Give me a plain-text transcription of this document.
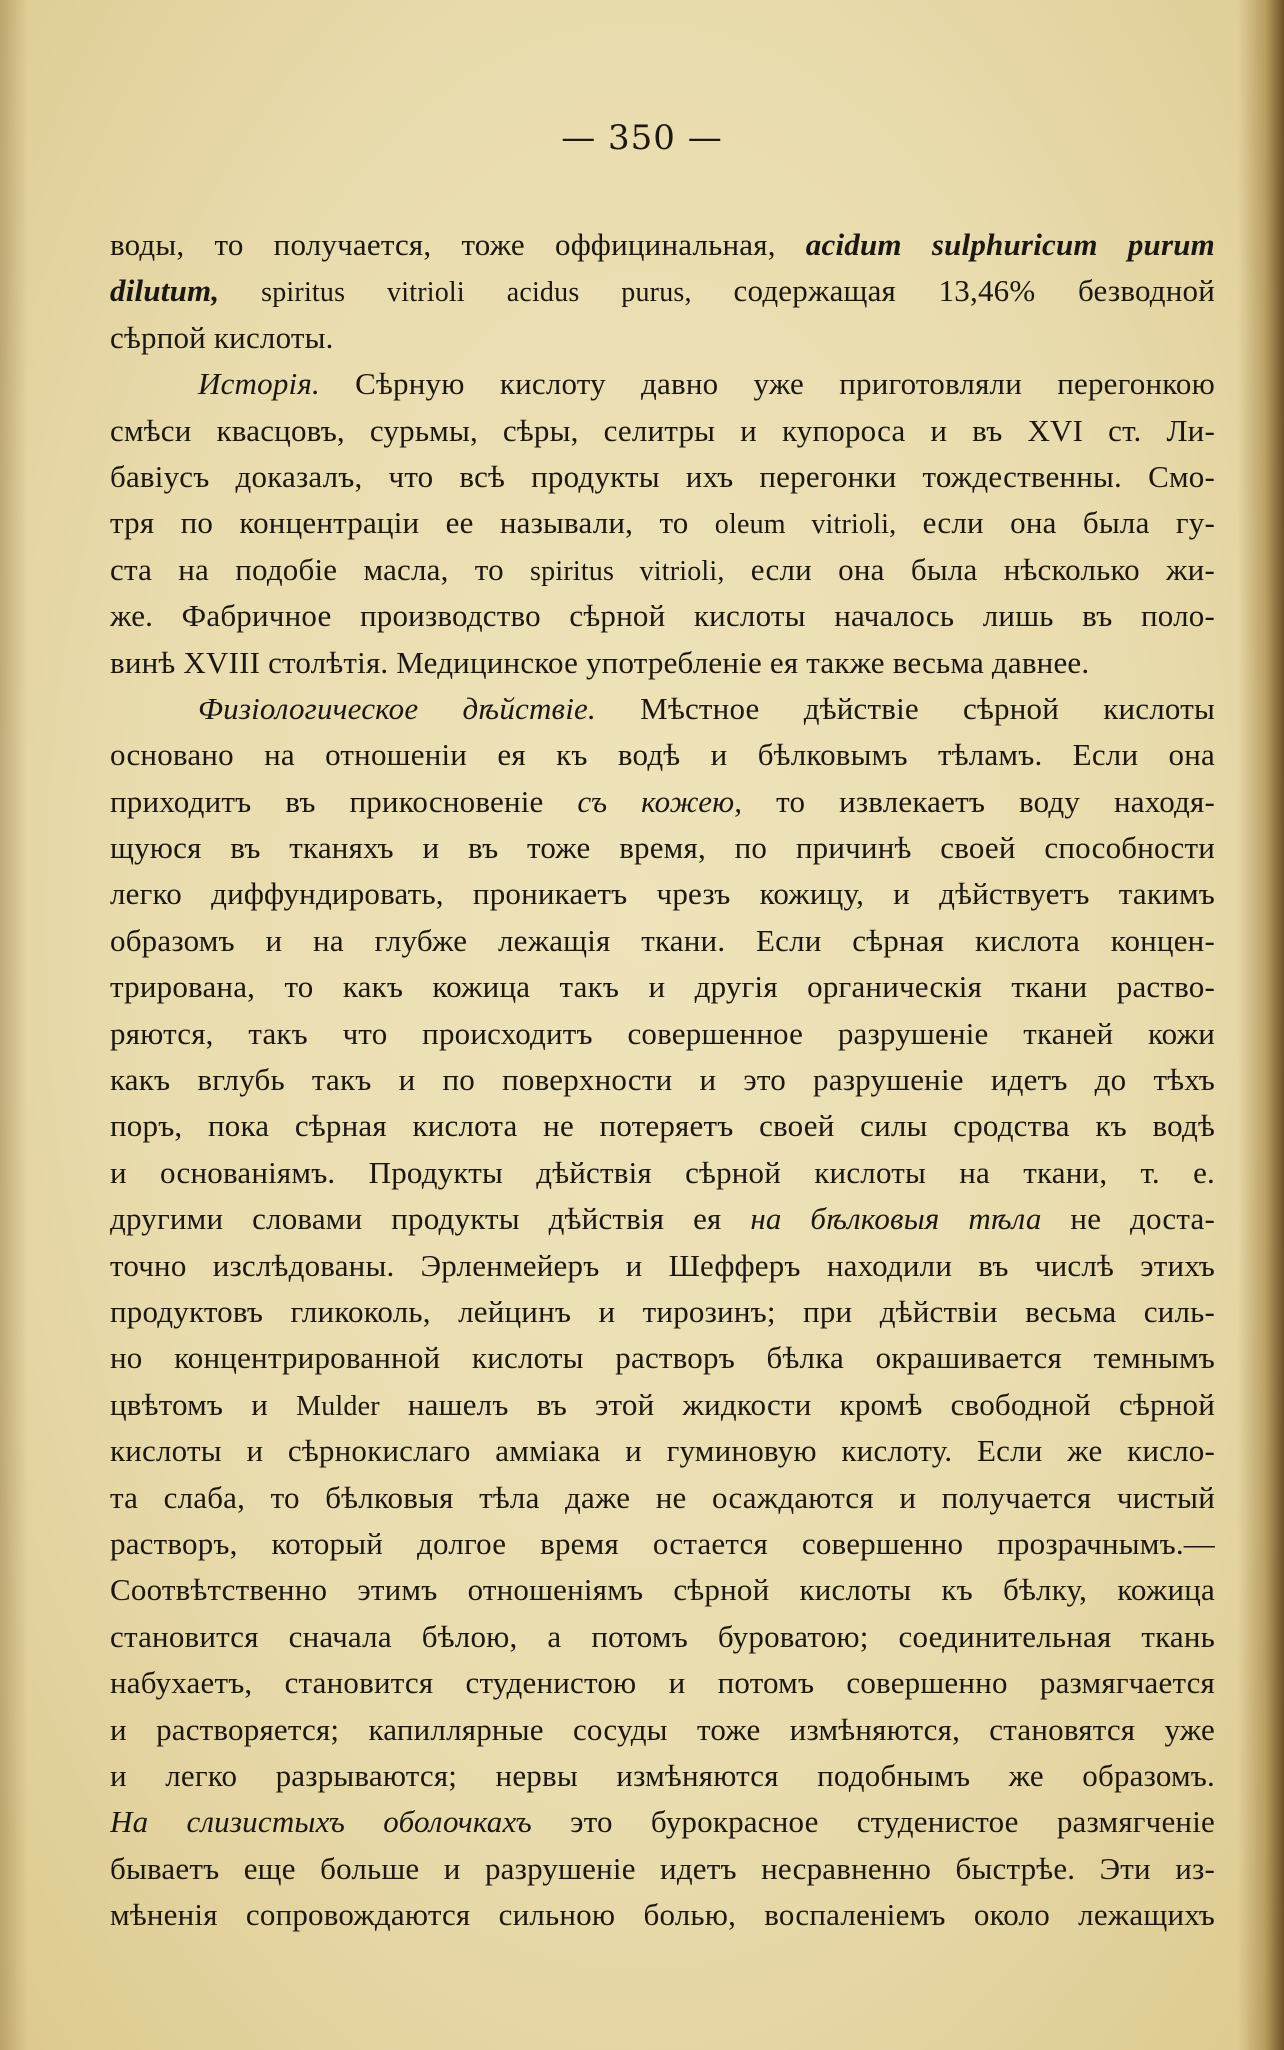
— 350 —
воды, то получается, тоже оффицинальная, acidum sulphuricum purum
dilutum, spiritus vitrioli acidus purus, содержащая 13,46% безводной
сѣрпой кислоты.
Исторія. Сѣрную кислоту давно уже приготовляли перегонкою
смѣси квасцовъ, сурьмы, сѣры, селитры и купороса и въ XVI ст. Ли-
бавіусъ доказалъ, что всѣ продукты ихъ перегонки тождественны. Смо-
тря по концентраціи ее называли, то oleum vitrioli, если она была гу-
ста на подобіе масла, то spiritus vitrioli, если она была нѣсколько жи-
же. Фабричное производство сѣрной кислоты началось лишь въ поло-
винѣ XVIII столѣтія. Медицинское употребленіе ея также весьма давнее.
Физіологическое дѣйствіе. Мѣстное дѣйствіе сѣрной кислоты
основано на отношеніи ея къ водѣ и бѣлковымъ тѣламъ. Если она
приходитъ въ прикосновеніе съ кожею, то извлекаетъ воду находя-
щуюся въ тканяхъ и въ тоже время, по причинѣ своей способности
легко диффундировать, проникаетъ чрезъ кожицу, и дѣйствуетъ такимъ
образомъ и на глубже лежащія ткани. Если сѣрная кислота концен-
трирована, то какъ кожица такъ и другія органическія ткани раство-
ряются, такъ что происходитъ совершенное разрушеніе тканей кожи
какъ вглубь такъ и по поверхности и это разрушеніе идетъ до тѣхъ
поръ, пока сѣрная кислота не потеряетъ своей силы сродства къ водѣ
и основаніямъ. Продукты дѣйствія сѣрной кислоты на ткани, т. е.
другими словами продукты дѣйствія ея на бѣлковыя тѣла не доста-
точно изслѣдованы. Эрленмейеръ и Шефферъ находили въ числѣ этихъ
продуктовъ гликоколь, лейцинъ и тирозинъ; при дѣйствіи весьма силь-
но концентрированной кислоты растворъ бѣлка окрашивается темнымъ
цвѣтомъ и Mulder нашелъ въ этой жидкости кромѣ свободной сѣрной
кислоты и сѣрнокислаго амміака и гуминовую кислоту. Если же кисло-
та слаба, то бѣлковыя тѣла даже не осаждаются и получается чистый
растворъ, который долгое время остается совершенно прозрачнымъ.—
Соотвѣтственно этимъ отношеніямъ сѣрной кислоты къ бѣлку, кожица
становится сначала бѣлою, а потомъ буроватою; соединительная ткань
набухаетъ, становится студенистою и потомъ совершенно размягчается
и растворяется; капиллярные сосуды тоже измѣняются, становятся уже
и легко разрываются; нервы измѣняются подобнымъ же образомъ.
На слизистыхъ оболочкахъ это бурокрасное студенистое размягченіе
бываетъ еще больше и разрушеніе идетъ несравненно быстрѣе. Эти из-
мѣненія сопровождаются сильною болью, воспаленіемъ около лежащихъ
